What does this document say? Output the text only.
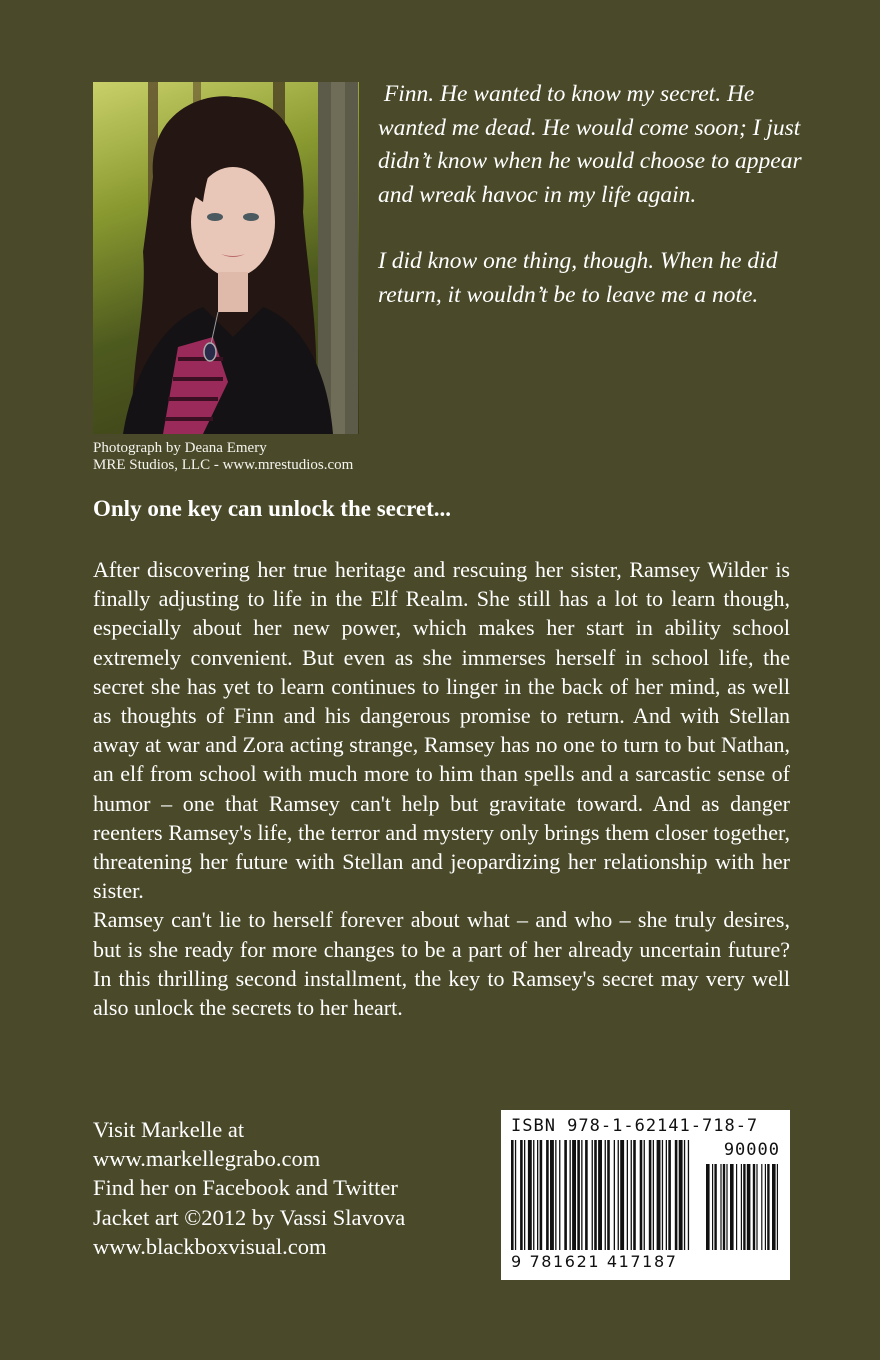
Photograph by Deana Emery
MRE Studios, LLC - www.mrestudios.com

Finn. He wanted to know my secret. He wanted me dead. He would come soon; I just didn’t know when he would choose to appear and wreak havoc in my life again.

I did know one thing, though. When he did return, it wouldn’t be to leave me a note.

Only one key can unlock the secret...

After discovering her true heritage and rescuing her sister, Ramsey Wilder is finally adjusting to life in the Elf Realm. She still has a lot to learn though, especially about her new power, which makes her start in ability school extremely convenient. But even as she immerses herself in school life, the secret she has yet to learn continues to linger in the back of her mind, as well as thoughts of Finn and his dangerous promise to return. And with Stellan away at war and Zora acting strange, Ramsey has no one to turn to but Nathan, an elf from school with much more to him than spells and a sarcastic sense of humor – one that Ramsey can't help but gravitate toward. And as danger reenters Ramsey's life, the terror and mystery only brings them closer together, threatening her future with Stellan and jeopardizing her relationship with her sister.

Ramsey can't lie to herself forever about what – and who – she truly desires, but is she ready for more changes to be a part of her already uncertain future? In this thrilling second installment, the key to Ramsey's secret may very well also unlock the secrets to her heart.

Visit Markelle at
www.markellegrabo.com
Find her on Facebook and Twitter
Jacket art ©2012 by Vassi Slavova
www.blackboxvisual.com
ISBN 978-1-62141-718-7
90000
9 781621 417187
